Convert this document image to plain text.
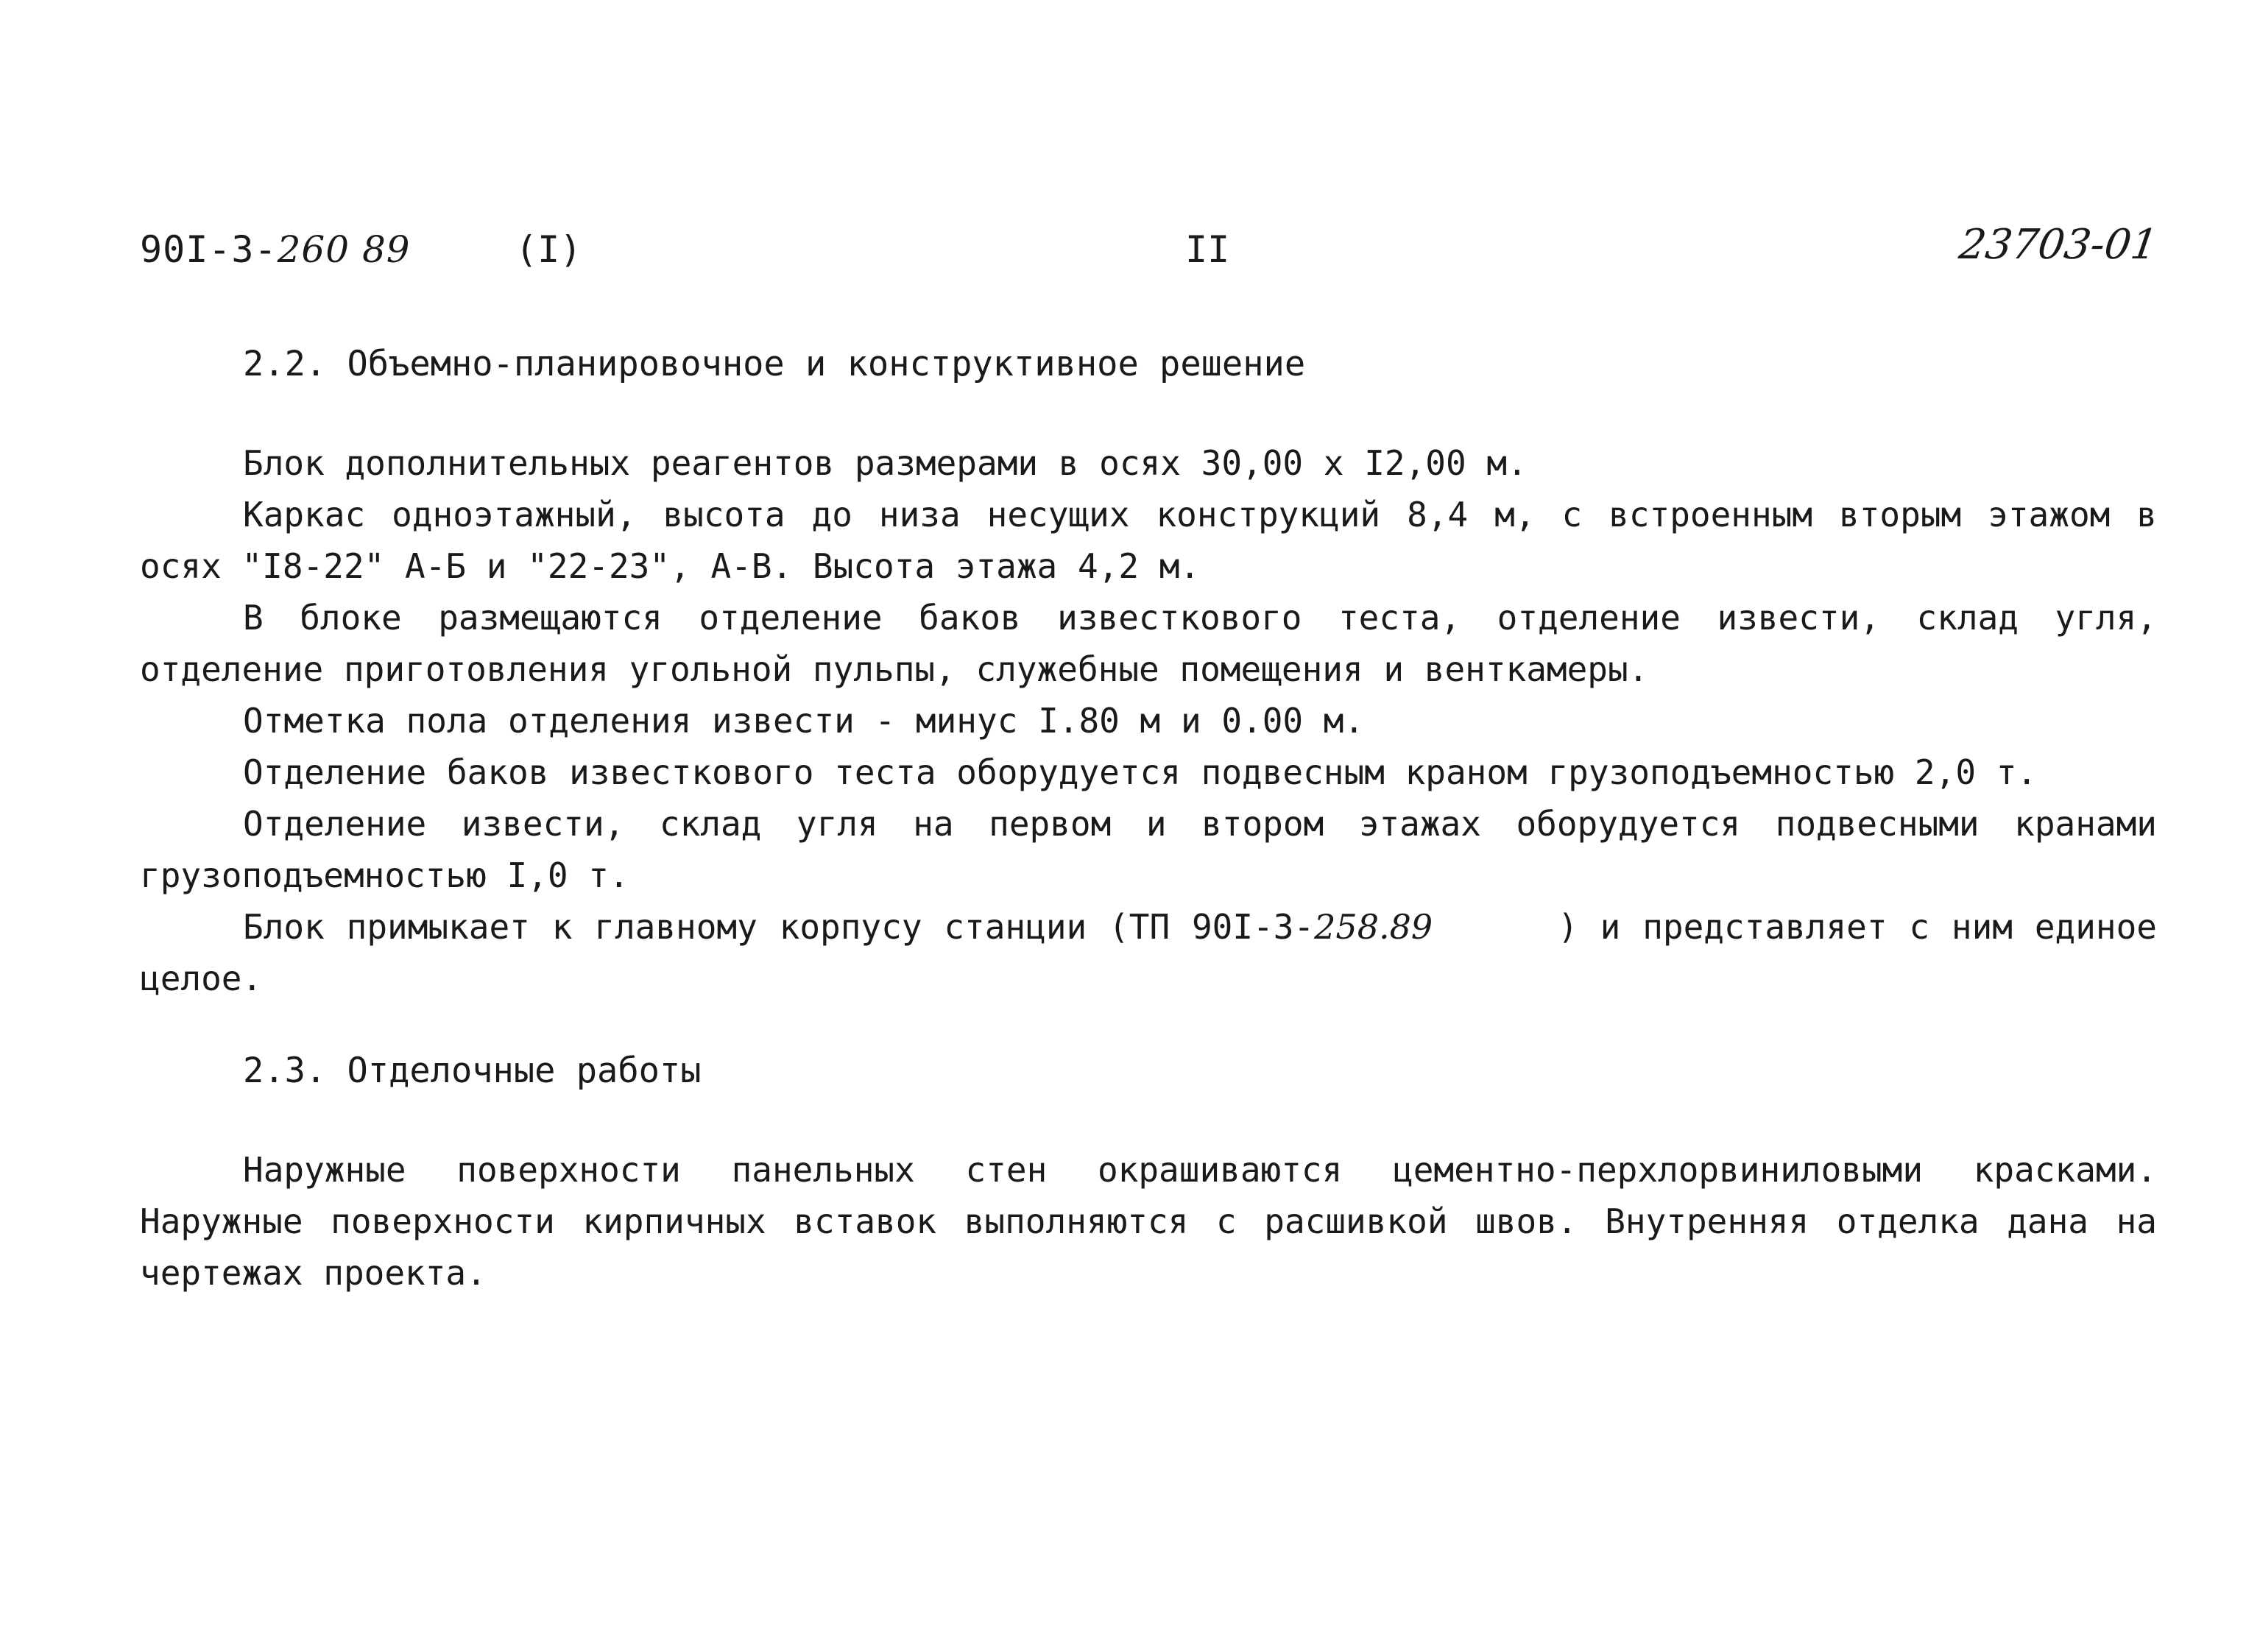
90I-3-260 89	(I)	II	23703-01
2.2. Объемно-планировочное и конструктивное решение

Блок дополнительных реагентов размерами в осях 30,00 x I2,00 м.

Каркас одноэтажный, высота до низа несущих конструкций 8,4 м, с встроенным вторым этажом в осях "I8-22" А-Б и "22-23", А-В. Высота этажа 4,2 м.

В блоке размещаются отделение баков известкового теста, отделение извести, склад угля, отделение приготовления угольной пульпы, служебные помещения и венткамеры.

Отметка пола отделения извести - минус I.80 м и 0.00 м.

Отделение баков известкового теста оборудуется подвесным краном грузоподъемностью 2,0 т.

Отделение извести, склад угля на первом и втором этажах оборудуется подвесными кранами грузоподъемностью I,0 т.

Блок примыкает к главному корпусу станции (ТП 90I-3-258.89	) и представляет с ним единое целое.

2.3. Отделочные работы

Наружные поверхности панельных стен окрашиваются цементно-перхлорвиниловыми красками. Наружные поверхности кирпичных вставок выполняются с расшивкой швов. Внутренняя отделка дана на чертежах проекта.
